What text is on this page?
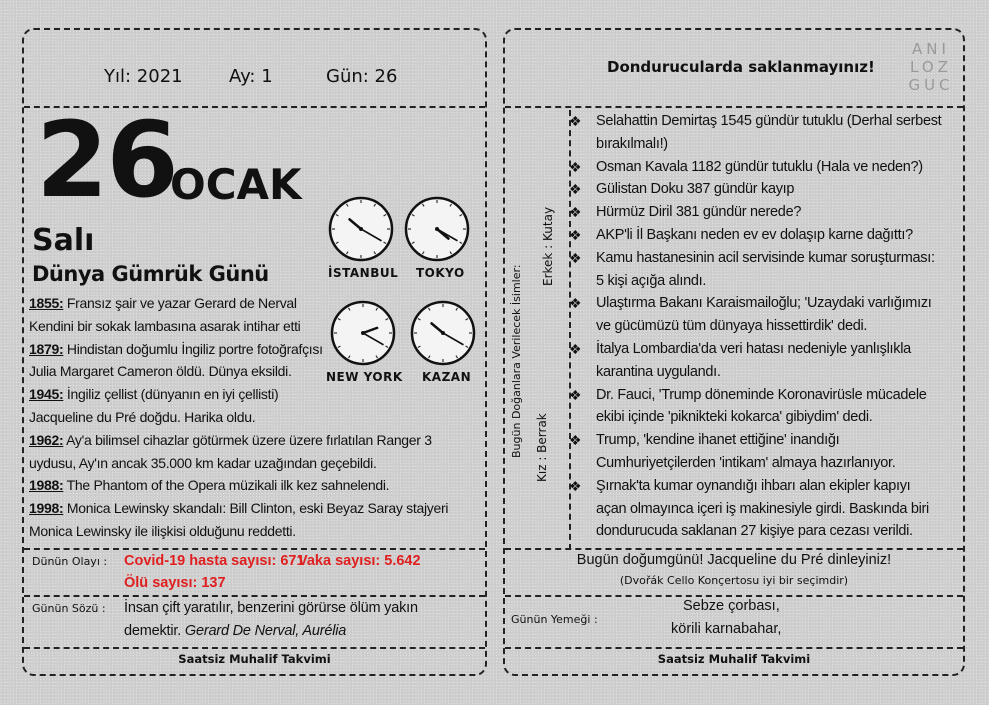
Yıl: 2021	Ay: 1	Gün: 26
26
OCAK
Salı
Dünya Gümrük Günü	İSTANBUL TOKYO
NEW YORK KAZAN
1855: Fransız şair ve yazar Gerard de Nerval
Kendini bir sokak lambasına asarak intihar etti
1879: Hindistan doğumlu İngiliz portre fotoğrafçısı
Julia Margaret Cameron öldü. Dünya eksildi.
1945: İngiliz çellist (dünyanın en iyi çellisti)
Jacqueline du Pré doğdu. Harika oldu.
1962: Ay'a bilimsel cihazlar götürmek üzere üzere fırlatılan Ranger 3
uydusu, Ay'ın ancak 35.000 km kadar uzağından geçebildi.
1988: The Phantom of the Opera müzikali ilk kez sahnelendi.
1998: Monica Lewinsky skandalı: Bill Clinton, eski Beyaz Saray stajyeri
Monica Lewinsky ile ilişkisi olduğunu reddetti.
Dünün Olayı : Covid-19 hasta sayısı: 671
Vaka sayısı: 5.642
Ölü sayısı: 137
Günün Sözü : İnsan çift yaratılır, benzerini görürse ölüm yakın
demektir. Gerard De Nerval, Aurélia
Saatsiz Muhalif Takvimi
Dondurucularda saklanmayınız!
ANI
LOZ
GUC
Bugün Doğanlara Verilecek İsimler:
Erkek : Kutay
Kız : Berrak
❖ Selahattin Demirtaş 1545 gündür tutuklu (Derhal serbest
bırakılmalı!)
❖ Osman Kavala 1182 gündür tutuklu (Hala ve neden?)
❖ Gülistan Doku 387 gündür kayıp
❖ Hürmüz Diril 381 gündür nerede?
❖ AKP'li İl Başkanı neden ev ev dolaşıp karne dağıttı?
❖ Kamu hastanesinin acil servisinde kumar soruşturması:
5 kişi açığa alındı.
❖ Ulaştırma Bakanı Karaismailoğlu; 'Uzaydaki varlığımızı
ve gücümüzü tüm dünyaya hissettirdik' dedi.
❖ İtalya Lombardia'da veri hatası nedeniyle yanlışlıkla
karantina uygulandı.
❖ Dr. Fauci, 'Trump döneminde Koronavirüsle mücadele
ekibi içinde 'piknikteki kokarca' gibiydim' dedi.
❖ Trump, 'kendine ihanet ettiğine' inandığı
Cumhuriyetçilerden 'intikam' almaya hazırlanıyor.
❖ Şırnak'ta kumar oynandığı ihbarı alan ekipler kapıyı
açan olmayınca içeri iş makinesiyle girdi. Baskında biri
dondurucuda saklanan 27 kişiye para cezası verildi.
Bugün doğumgünü! Jacqueline du Pré dinleyiniz!
(Dvořák Cello Konçertosu iyi bir seçimdir)
Günün Yemeği :
Sebze çorbası,
körili karnabahar,
Saatsiz Muhalif Takvimi
